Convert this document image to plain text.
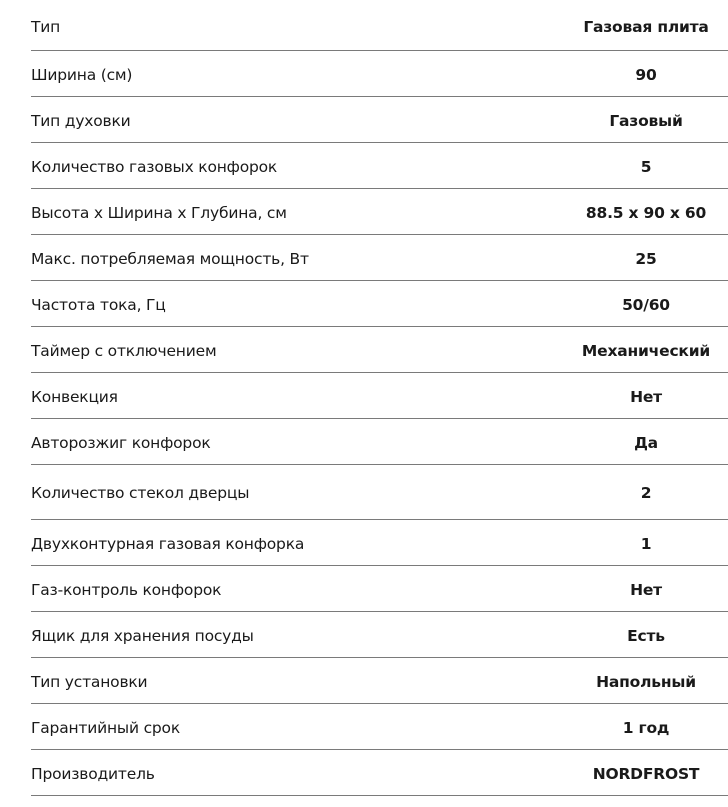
Тип	Газовая плита
Ширина (см)	90
Тип духовки	Газовый
Количество газовых конфорок	5
Высота x Ширина x Глубина, см	88.5 x 90 x 60
Макс. потребляемая мощность, Вт	25
Частота тока, Гц	50/60
Таймер с отключением	Механический
Конвекция	Нет
Авторозжиг конфорок	Да
Количество стекол дверцы	2
Двухконтурная газовая конфорка	1
Газ-контроль конфорок	Нет
Ящик для хранения посуды	Есть
Тип установки	Напольный
Гарантийный срок	1 год
Производитель	NORDFROST
